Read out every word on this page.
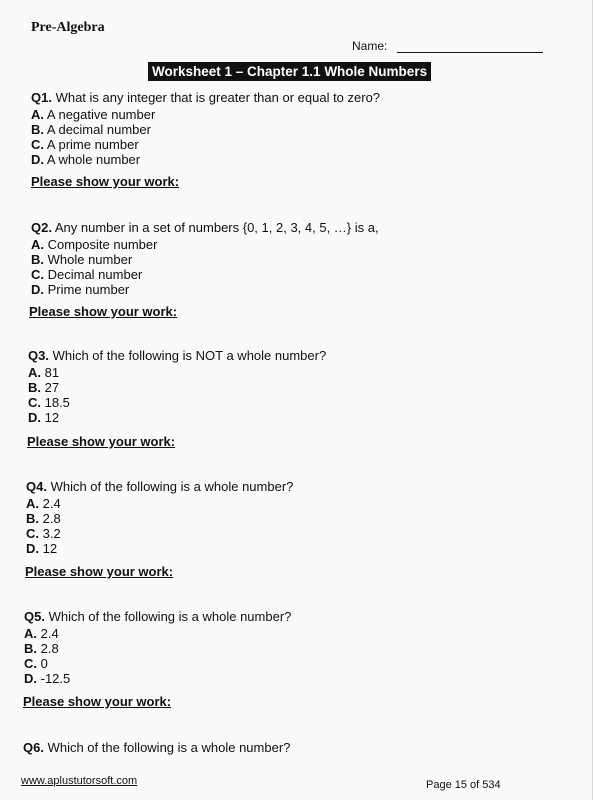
Pre-Algebra
Name:
Worksheet 1 – Chapter 1.1 Whole Numbers
Q1. What is any integer that is greater than or equal to zero?
A. A negative number
B. A decimal number
C. A prime number
D. A whole number
Please show your work:
Q2. Any number in a set of numbers {0, 1, 2, 3, 4, 5, …} is a,
A. Composite number
B. Whole number
C. Decimal number
D. Prime number
Please show your work:
Q3. Which of the following is NOT a whole number?
A. 81
B. 27
C. 18.5
D. 12
Please show your work:
Q4. Which of the following is a whole number?
A. 2.4
B. 2.8
C. 3.2
D. 12
Please show your work:
Q5. Which of the following is a whole number?
A. 2.4
B. 2.8
C. 0
D. -12.5
Please show your work:
Q6. Which of the following is a whole number?
www.aplustutorsoft.com	Page 15 of 534
